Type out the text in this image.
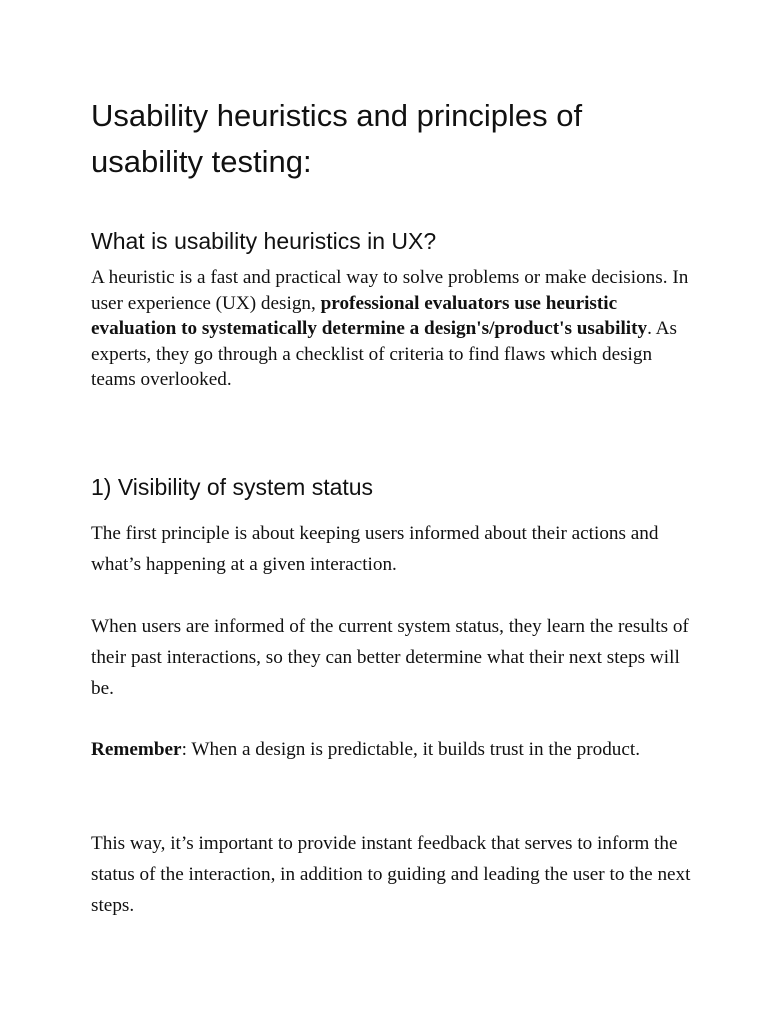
Usability heuristics and principles of usability testing:
What is usability heuristics in UX?

A heuristic is a fast and practical way to solve problems or make decisions. In user experience (UX) design, professional evaluators use heuristic evaluation to systematically determine a design's/product's usability. As experts, they go through a checklist of criteria to find flaws which design teams overlooked.

1) Visibility of system status

The first principle is about keeping users informed about their actions and what’s happening at a given interaction.

When users are informed of the current system status, they learn the results of their past interactions, so they can better determine what their next steps will be.

Remember: When a design is predictable, it builds trust in the product.

This way, it’s important to provide instant feedback that serves to inform the status of the interaction, in addition to guiding and leading the user to the next steps.
